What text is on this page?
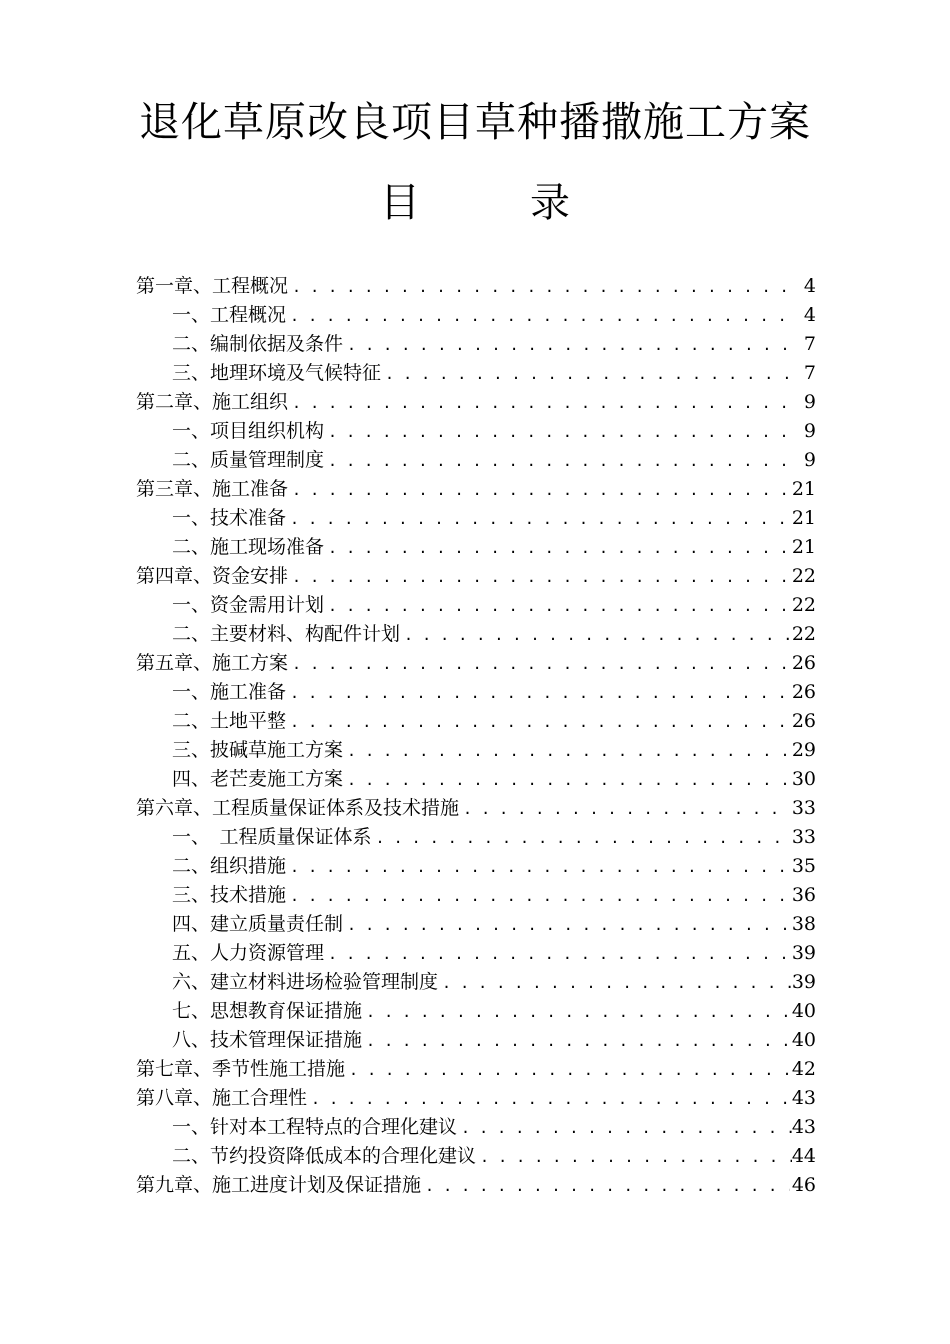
退化草原改良项目草种播撒施工方案
目	录
第一章、工程概况 . . .	4
一、工程概况 . . .	4
二、编制依据及条件 . . .	7
三、地理环境及气候特征 . . .	7
第二章、施工组织 . . .	9
一、项目组织机构 . . .	9
二、质量管理制度 . . .	9
第三章、施工准备 . . .	21
一、技术准备 . . .	21
二、施工现场准备 . . .	21
第四章、资金安排 . . .	22
一、资金需用计划 . . .	22
二、主要材料、构配件计划 . . .	22
第五章、施工方案 . . .	26
一、施工准备 . . .	26
二、土地平整 . . .	26
三、披碱草施工方案 . . .	29
四、老芒麦施工方案 . . .	30
第六章、工程质量保证体系及技术措施 . . .	33
一、　工程质量保证体系 . . .	33
二、组织措施 . . .	35
三、技术措施 . . .	36
四、建立质量责任制 . . .	38
五、人力资源管理 . . .	39
六、建立材料进场检验管理制度 . . .	39
七、思想教育保证措施 . . .	40
八、技术管理保证措施 . . .	40
第七章、季节性施工措施 . . .	42
第八章、施工合理性 . . .	43
一、针对本工程特点的合理化建议 . . .	43
二、节约投资降低成本的合理化建议 . . .	44
第九章、施工进度计划及保证措施 . . .	46
